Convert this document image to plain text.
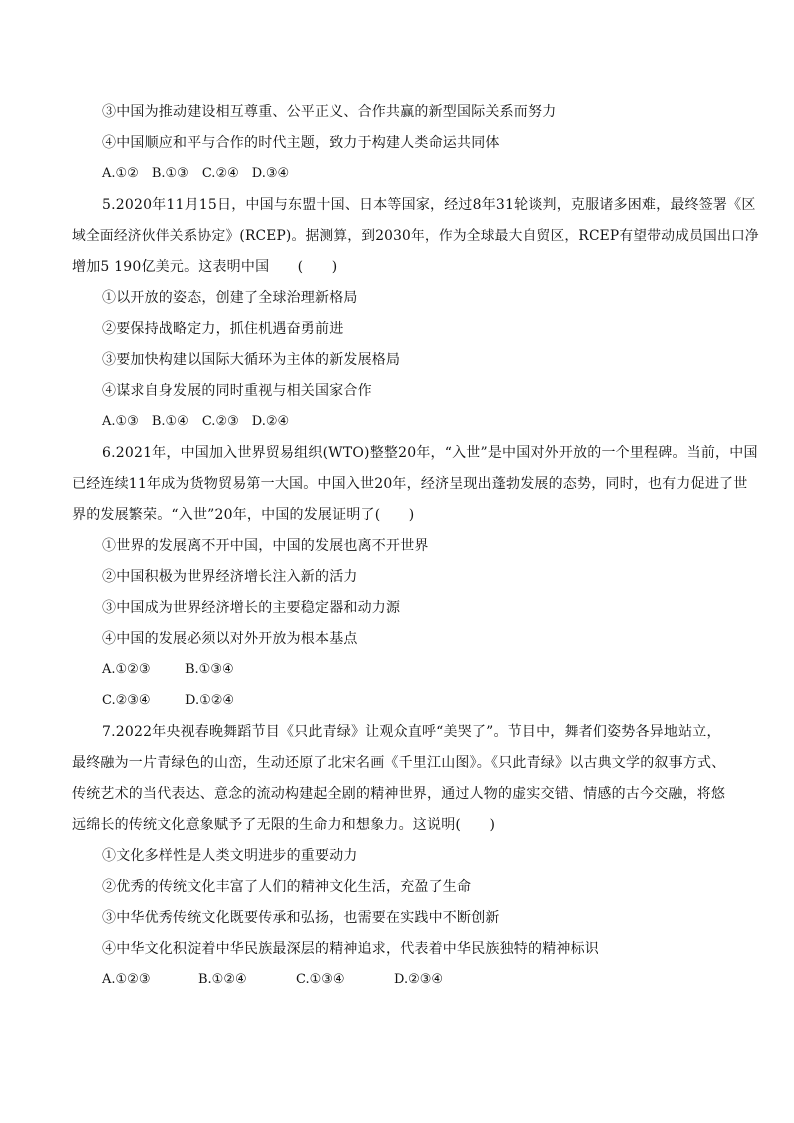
③中国为推动建设相互尊重、公平正义、合作共赢的新型国际关系而努力
④中国顺应和平与合作的时代主题，致力于构建人类命运共同体
A.①②　B.①③　C.②④　D.③④
5.2020年11月15日，中国与东盟十国、日本等国家，经过8年31轮谈判，克服诸多困难，最终签署《区
域全面经济伙伴关系协定》(RCEP)。据测算，到2030年，作为全球最大自贸区，RCEP有望带动成员国出口净
增加5 190亿美元。这表明中国　　(　　)
①以开放的姿态，创建了全球治理新格局
②要保持战略定力，抓住机遇奋勇前进
③要加快构建以国际大循环为主体的新发展格局
④谋求自身发展的同时重视与相关国家合作
A.①③　B.①④　C.②③　D.②④
6.2021年，中国加入世界贸易组织(WTO)整整20年，“入世”是中国对外开放的一个里程碑。当前，中国
已经连续11年成为货物贸易第一大国。中国入世20年，经济呈现出蓬勃发展的态势，同时，也有力促进了世
界的发展繁荣。“入世”20年，中国的发展证明了(　　)
①世界的发展离不开中国，中国的发展也离不开世界
②中国积极为世界经济增长注入新的活力
③中国成为世界经济增长的主要稳定器和动力源
④中国的发展必须以对外开放为根本基点
A.①②③	B.①③④
C.②③④	D.①②④
7.2022年央视春晚舞蹈节目《只此青绿》让观众直呼“美哭了”。节目中，舞者们姿势各异地站立，
最终融为一片青绿色的山峦，生动还原了北宋名画《千里江山图》。《只此青绿》以古典文学的叙事方式、
传统艺术的当代表达、意念的流动构建起全剧的精神世界，通过人物的虚实交错、情感的古今交融，将悠
远绵长的传统文化意象赋予了无限的生命力和想象力。这说明(　　)
①文化多样性是人类文明进步的重要动力
②优秀的传统文化丰富了人们的精神文化生活，充盈了生命
③中华优秀传统文化既要传承和弘扬，也需要在实践中不断创新
④中华文化积淀着中华民族最深层的精神追求，代表着中华民族独特的精神标识
A.①②③	B.①②④	C.①③④	D.②③④
